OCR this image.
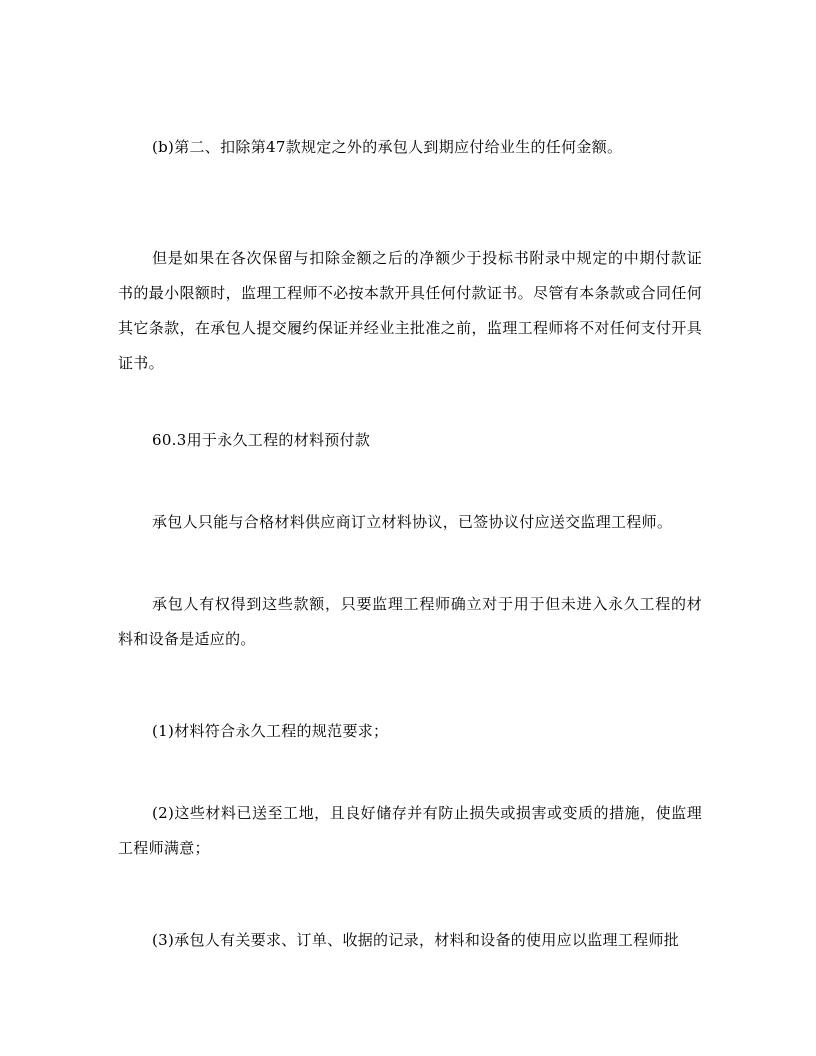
(b)第二、扣除第47款规定之外的承包人到期应付给业生的任何金额。

但是如果在各次保留与扣除金额之后的净额少于投标书附录中规定的中期付款证书的最小限额时，监理工程师不必按本款开具任何付款证书。尽管有本条款或合同任何其它条款，在承包人提交履约保证并经业主批准之前，监理工程师将不对任何支付开具证书。

60.3用于永久工程的材料预付款

承包人只能与合格材料供应商订立材料协议，已签协议付应送交监理工程师。

承包人有权得到这些款额，只要监理工程师确立对于用于但未进入永久工程的材料和设备是适应的。

(1)材料符合永久工程的规范要求；

(2)这些材料已送至工地，且良好储存并有防止损失或损害或变质的措施，使监理工程师满意；

(3)承包人有关要求、订单、收据的记录，材料和设备的使用应以监理工程师批
